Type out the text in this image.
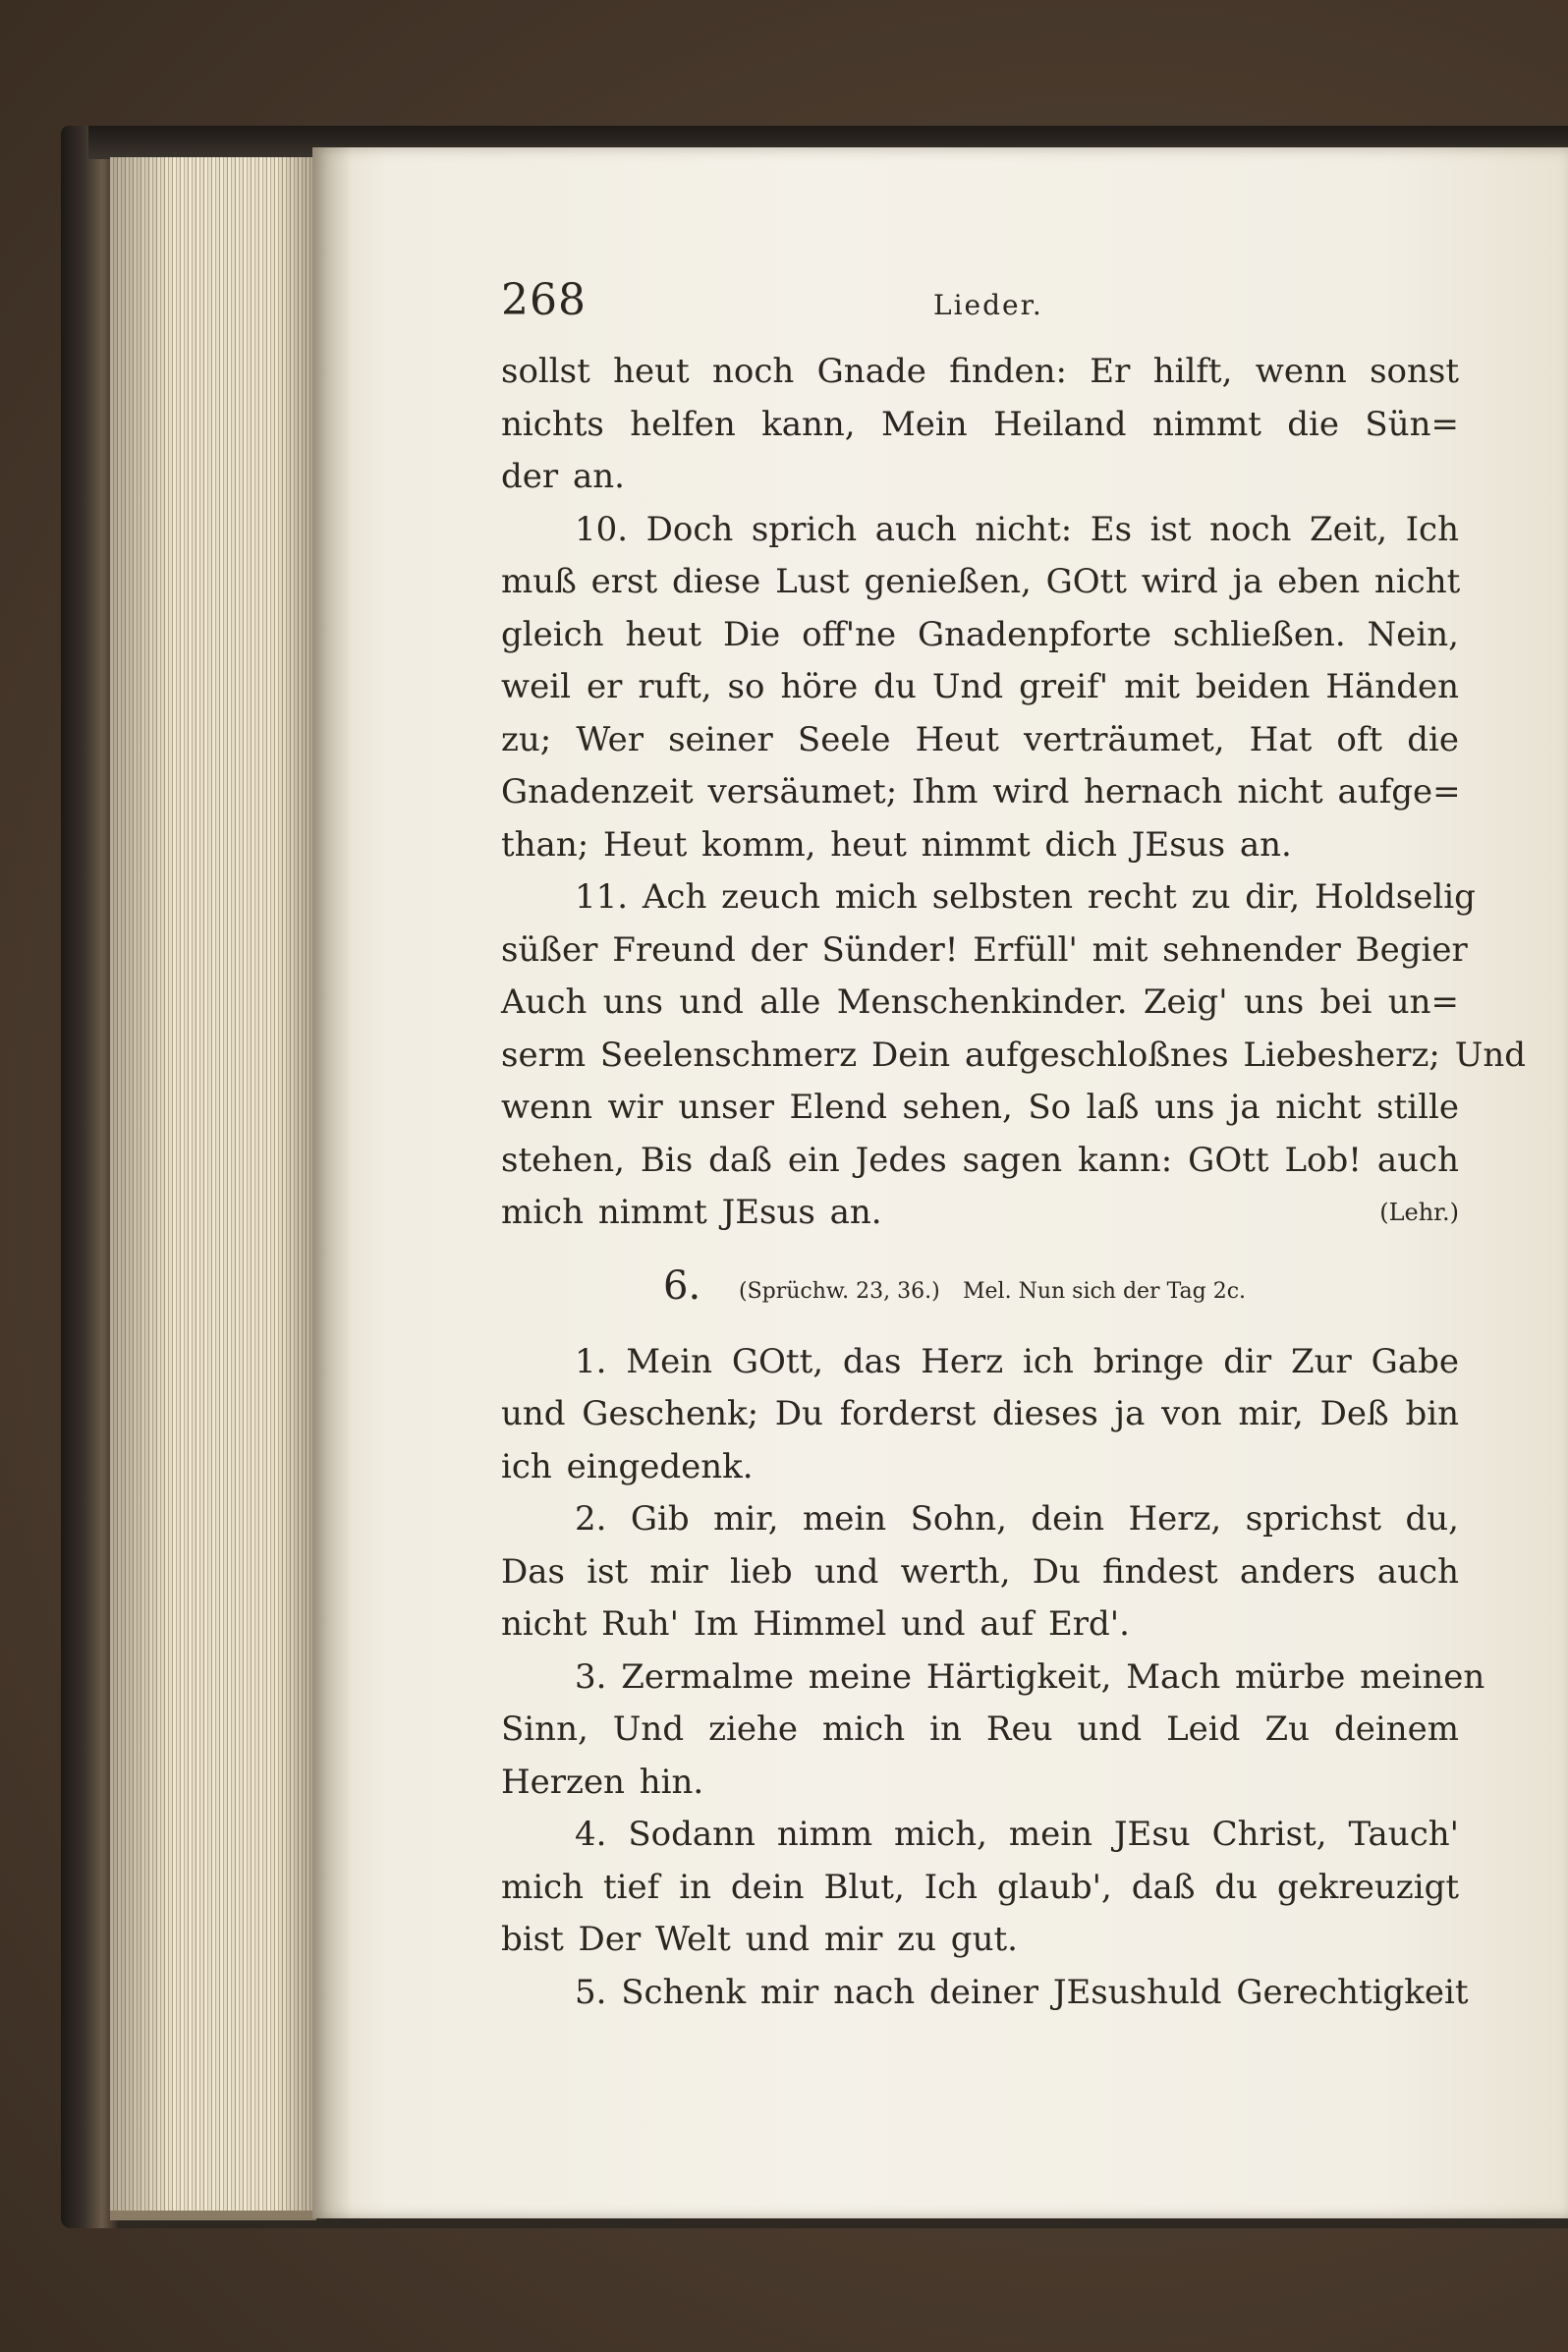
268	Lieder.
sollst heut noch Gnade finden: Er hilft, wenn sonst
nichts helfen kann, Mein Heiland nimmt die Sün=
der an.
10. Doch sprich auch nicht: Es ist noch Zeit, Ich
muß erst diese Lust genießen, GOtt wird ja eben nicht
gleich heut Die off'ne Gnadenpforte schließen. Nein,
weil er ruft, so höre du Und greif' mit beiden Händen
zu; Wer seiner Seele Heut verträumet, Hat oft die
Gnadenzeit versäumet; Ihm wird hernach nicht aufge=
than; Heut komm, heut nimmt dich JEsus an.
11. Ach zeuch mich selbsten recht zu dir, Holdselig
süßer Freund der Sünder! Erfüll' mit sehnender Begier
Auch uns und alle Menschenkinder. Zeig' uns bei un=
serm Seelenschmerz Dein aufgeschloßnes Liebesherz; Und
wenn wir unser Elend sehen, So laß uns ja nicht stille
stehen, Bis daß ein Jedes sagen kann: GOtt Lob! auch
mich nimmt JEsus an.	(Lehr.)
6. (Sprüchw. 23, 36.) Mel. Nun sich der Tag 2c.
1. Mein GOtt, das Herz ich bringe dir Zur Gabe
und Geschenk; Du forderst dieses ja von mir, Deß bin
ich eingedenk.
2. Gib mir, mein Sohn, dein Herz, sprichst du,
Das ist mir lieb und werth, Du findest anders auch
nicht Ruh' Im Himmel und auf Erd'.
3. Zermalme meine Härtigkeit, Mach mürbe meinen
Sinn, Und ziehe mich in Reu und Leid Zu deinem
Herzen hin.
4. Sodann nimm mich, mein JEsu Christ, Tauch'
mich tief in dein Blut, Ich glaub', daß du gekreuzigt
bist Der Welt und mir zu gut.
5. Schenk mir nach deiner JEsushuld Gerechtigkeit
